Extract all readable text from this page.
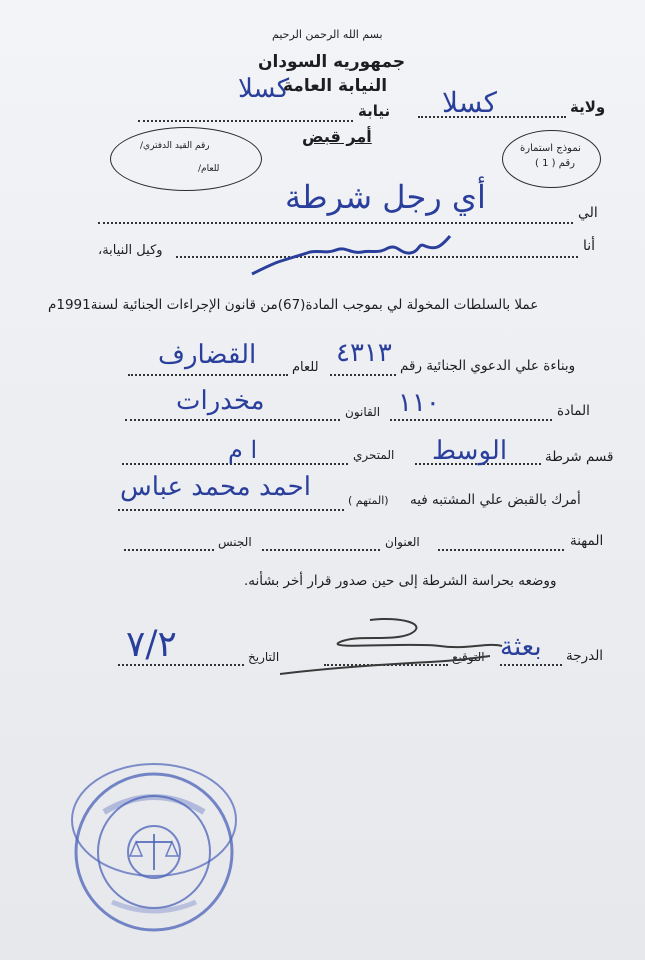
بسم الله الرحمن الرحيم
جمهوريه السودان
النيابة العامة
كسلا
ولاية
كسلا
نيابة
أمر قبض
رقم القيد الدفتري/
للعام/
نموذج استمارة
رقم ( 1 )
الي
أي رجل شرطة
أنا
وكيل النيابة،
عملا بالسلطات المخولة لي بموجب المادة(67)من قانون الإجراءات الجنائية لسنة1991م
وبناءة علي الدعوي الجنائية رقم
٤٣١٣
للعام
القضارف
المادة
١١٠
القانون
مخدرات
قسم شرطة
الوسط
المتحري
ا م
أمرك بالقبض علي المشتبه فيه
(المتهم )
احمد محمد عباس
المهنة
العنوان
الجنس
ووضعه بحراسة الشرطة إلى حين صدور قرار أخر بشأنه.
الدرجة
بعثة
التوقيع
التاريخ
٧/٢
